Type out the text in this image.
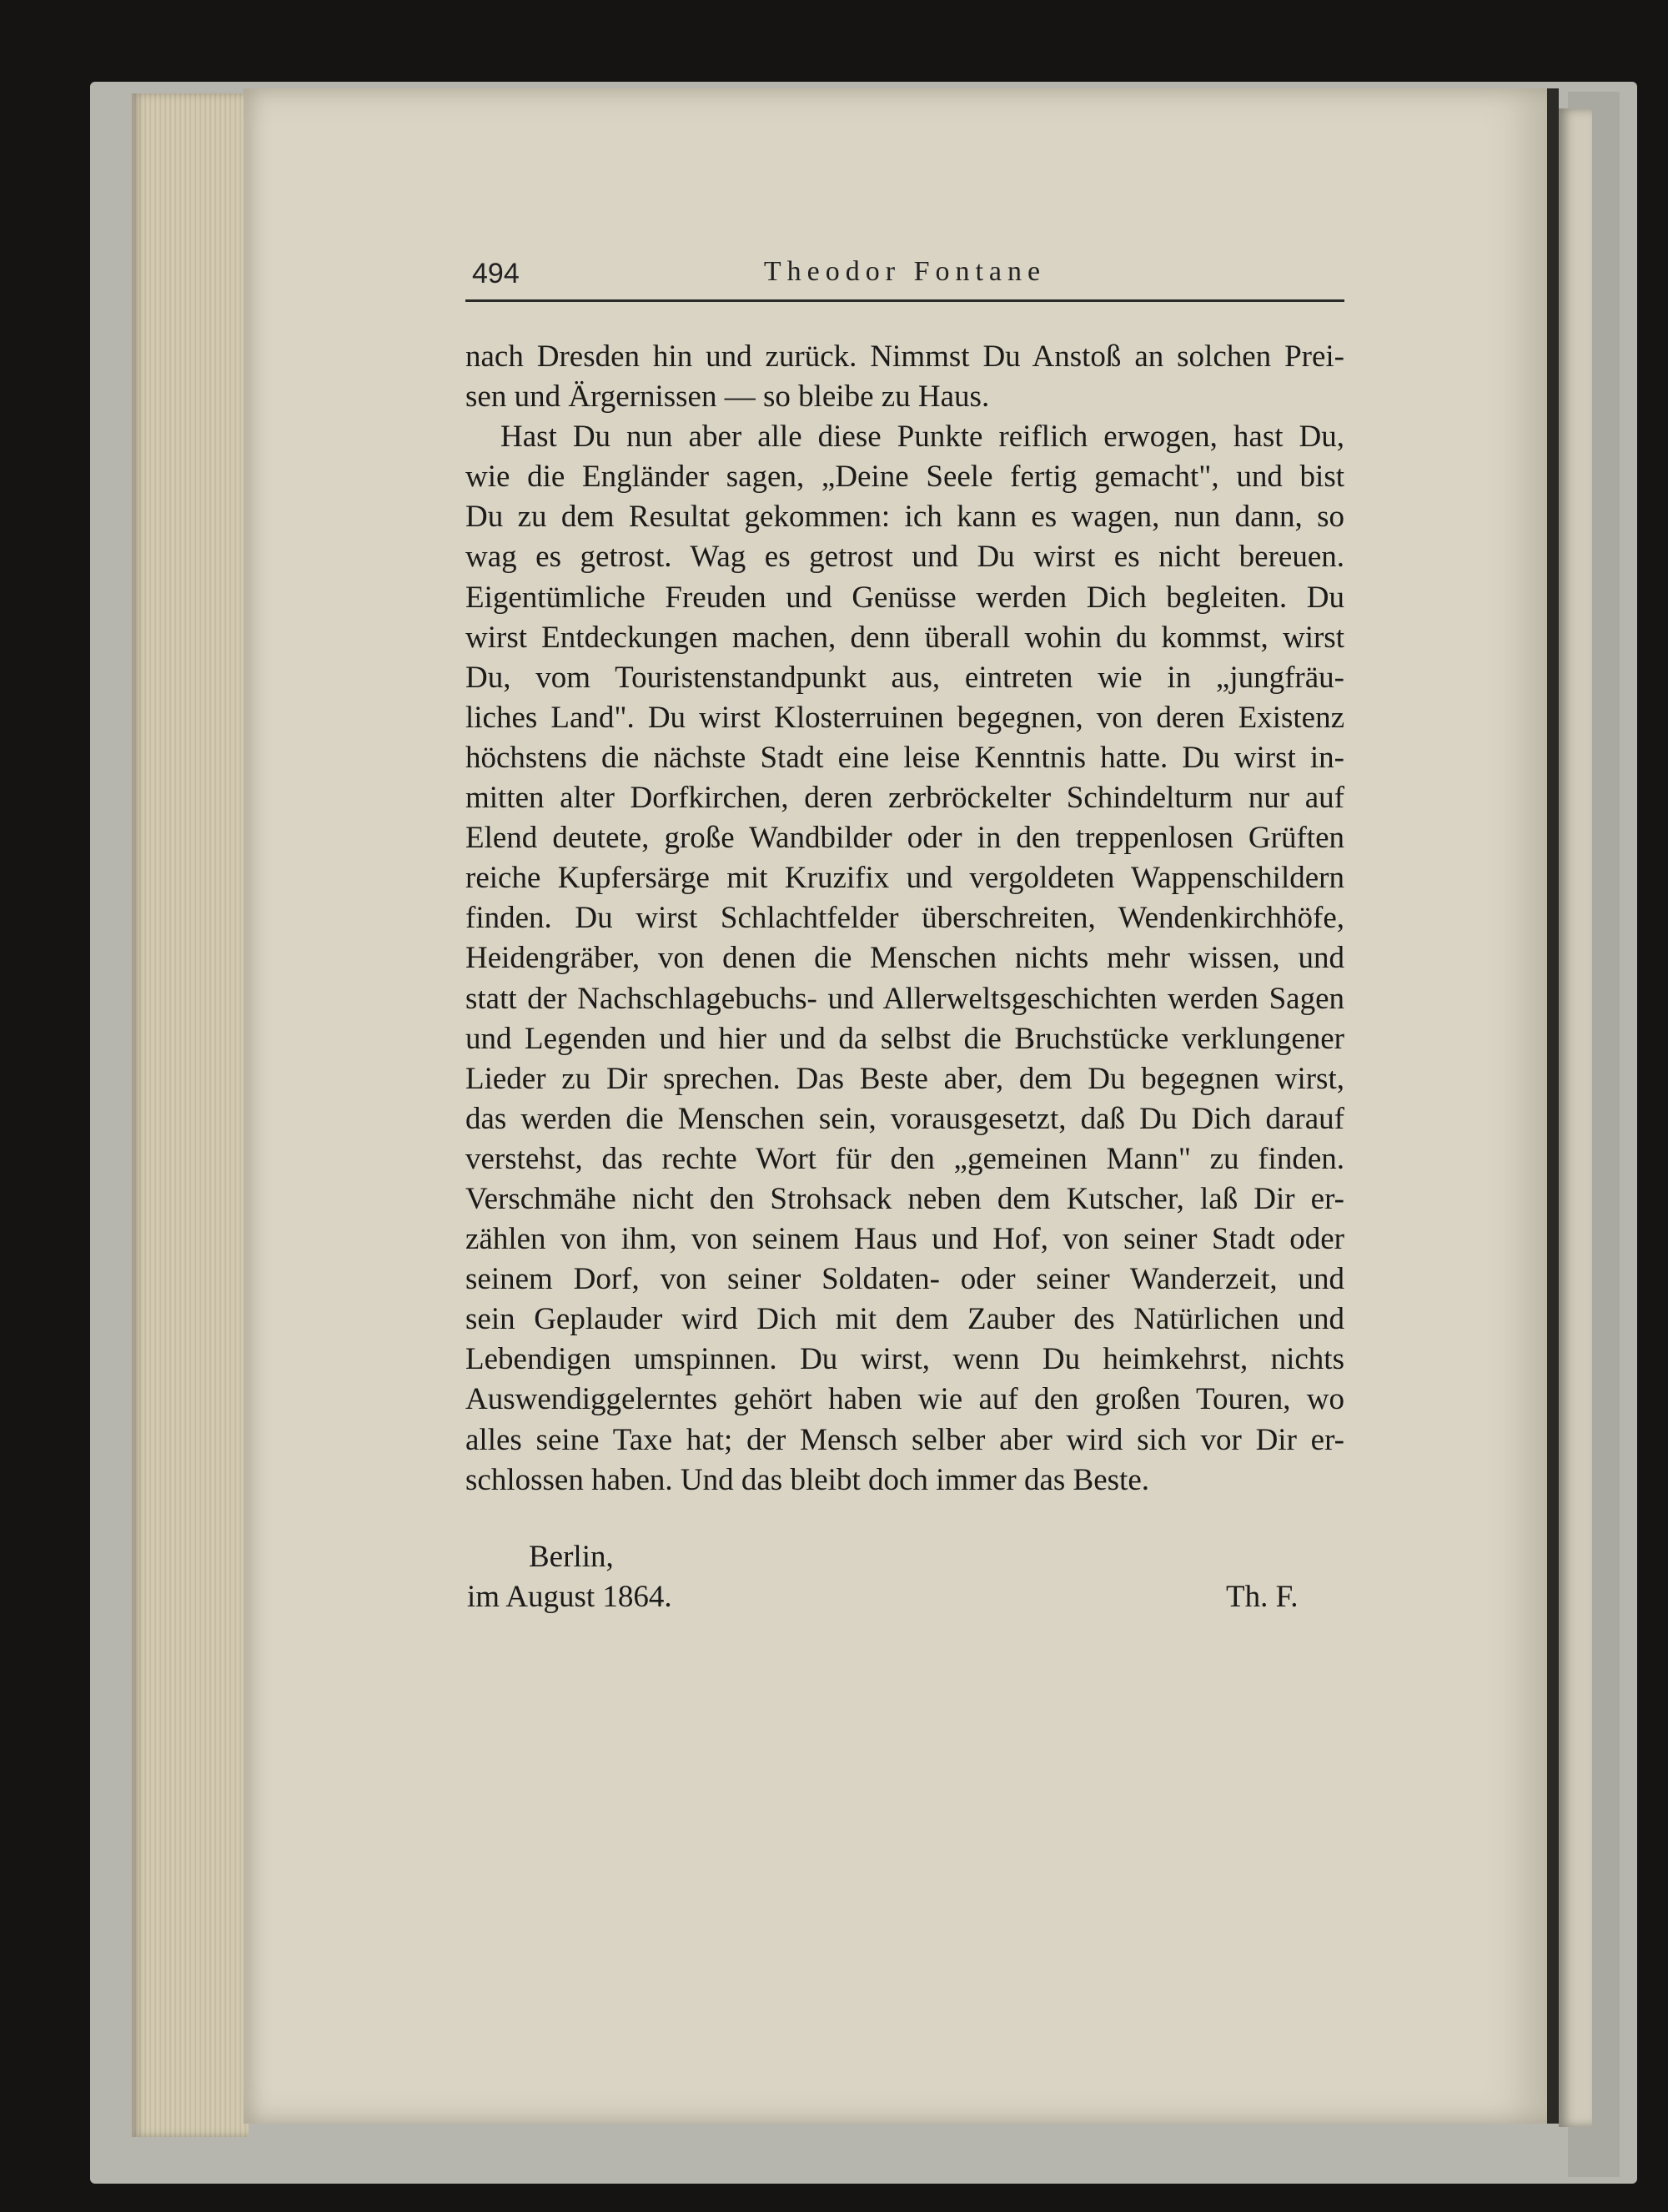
494	Theodor Fontane
nach Dresden hin und zurück. Nimmst Du Anstoß an solchen Prei-
sen und Ärgernissen — so bleibe zu Haus.
Hast Du nun aber alle diese Punkte reiflich erwogen, hast Du,
wie die Engländer sagen, „Deine Seele fertig gemacht", und bist
Du zu dem Resultat gekommen: ich kann es wagen, nun dann, so
wag es getrost. Wag es getrost und Du wirst es nicht bereuen.
Eigentümliche Freuden und Genüsse werden Dich begleiten. Du
wirst Entdeckungen machen, denn überall wohin du kommst, wirst
Du, vom Touristenstandpunkt aus, eintreten wie in „jungfräu-
liches Land". Du wirst Klosterruinen begegnen, von deren Existenz
höchstens die nächste Stadt eine leise Kenntnis hatte. Du wirst in-
mitten alter Dorfkirchen, deren zerbröckelter Schindelturm nur auf
Elend deutete, große Wandbilder oder in den treppenlosen Grüften
reiche Kupfersärge mit Kruzifix und vergoldeten Wappenschildern
finden. Du wirst Schlachtfelder überschreiten, Wendenkirchhöfe,
Heidengräber, von denen die Menschen nichts mehr wissen, und
statt der Nachschlagebuchs- und Allerweltsgeschichten werden Sagen
und Legenden und hier und da selbst die Bruchstücke verklungener
Lieder zu Dir sprechen. Das Beste aber, dem Du begegnen wirst,
das werden die Menschen sein, vorausgesetzt, daß Du Dich darauf
verstehst, das rechte Wort für den „gemeinen Mann" zu finden.
Verschmähe nicht den Strohsack neben dem Kutscher, laß Dir er-
zählen von ihm, von seinem Haus und Hof, von seiner Stadt oder
seinem Dorf, von seiner Soldaten- oder seiner Wanderzeit, und
sein Geplauder wird Dich mit dem Zauber des Natürlichen und
Lebendigen umspinnen. Du wirst, wenn Du heimkehrst, nichts
Auswendiggelerntes gehört haben wie auf den großen Touren, wo
alles seine Taxe hat; der Mensch selber aber wird sich vor Dir er-
schlossen haben. Und das bleibt doch immer das Beste.
Berlin,
im August 1864.	Th. F.
